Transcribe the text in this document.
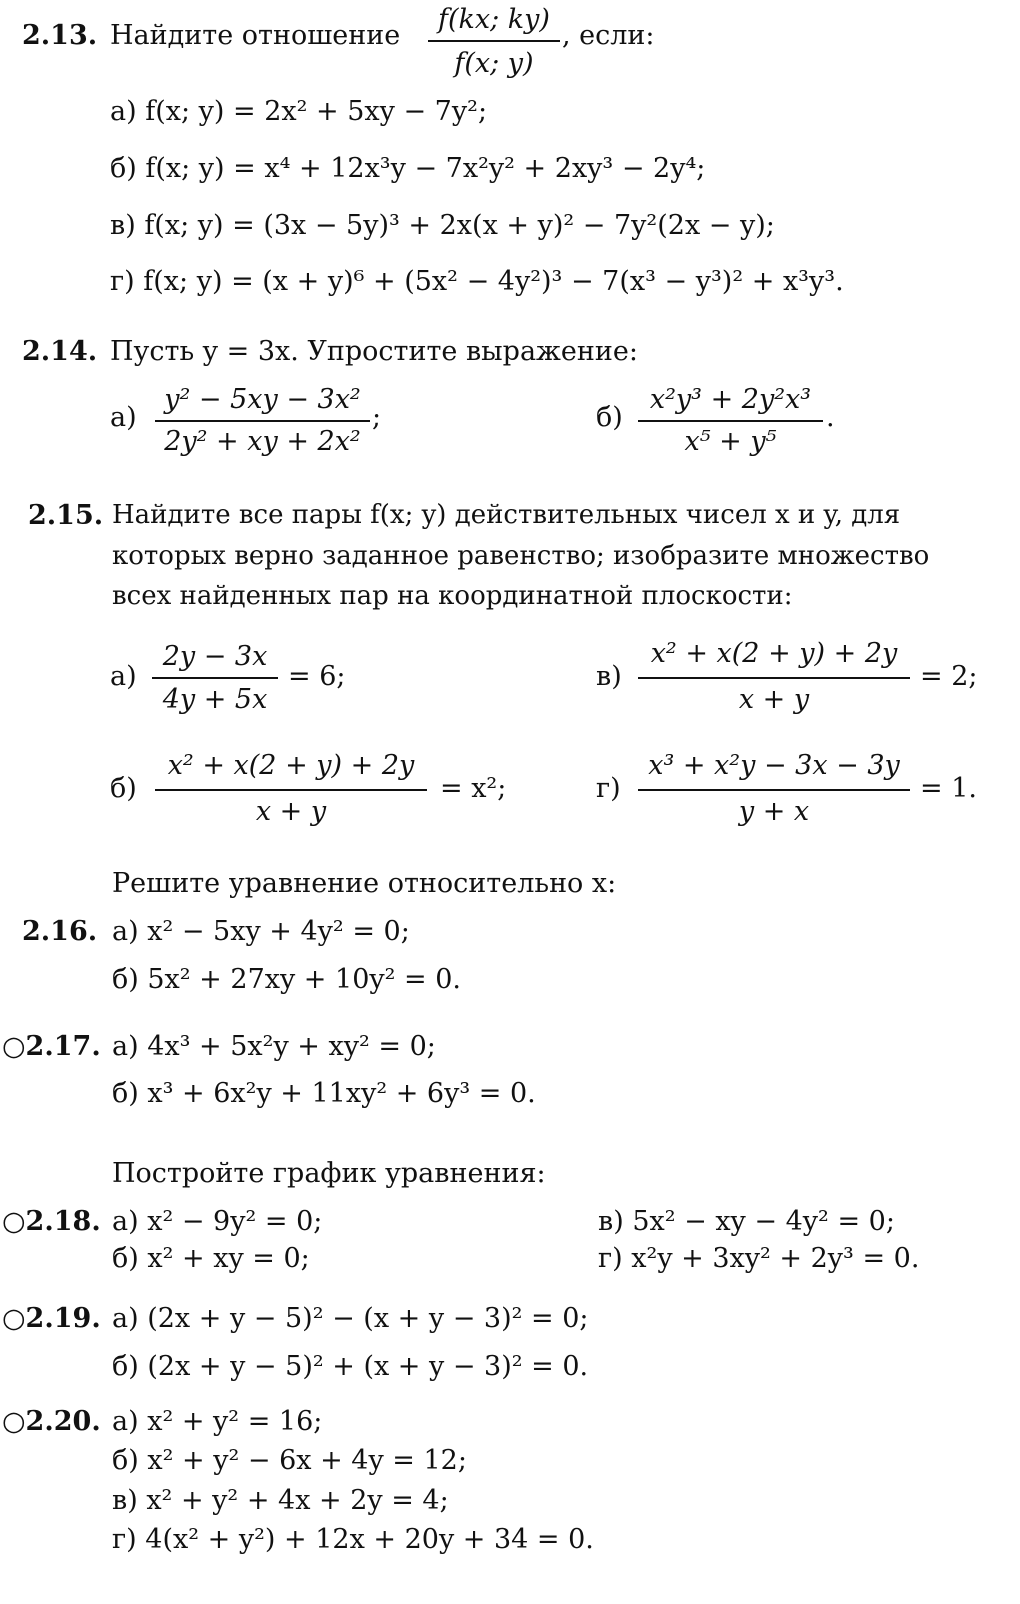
2.13. Найдите отношение
f(kx; ky)
f(x; y)
, если:
а) f(x; y) = 2x² + 5xy − 7y²;
б) f(x; y) = x⁴ + 12x³y − 7x²y² + 2xy³ − 2y⁴;
в) f(x; y) = (3x − 5y)³ + 2x(x + y)² − 7y²(2x − y);
г) f(x; y) = (x + y)⁶ + (5x² − 4y²)³ − 7(x³ − y³)² + x³y³.
2.14. Пусть y = 3x. Упростите выражение:
а)
y² − 5xy − 3x²
2y² + xy + 2x²
;	б)
x²y³ + 2y²x³
x⁵ + y⁵
.
2.15. Найдите все пары f(x; y) действительных чисел x и y, для
которых верно заданное равенство; изобразите множество
всех найденных пар на координатной плоскости:
а)
2y − 3x
4y + 5x
= 6;	в)
x² + x(2 + y) + 2y
x + y
= 2;
б)
x² + x(2 + y) + 2y
x + y
= x²;	г)
x³ + x²y − 3x − 3y
y + x
= 1.
Решите уравнение относительно x:
2.16. а) x² − 5xy + 4y² = 0;
б) 5x² + 27xy + 10y² = 0.
○2.17. а) 4x³ + 5x²y + xy² = 0;
б) x³ + 6x²y + 11xy² + 6y³ = 0.
Постройте график уравнения:
○2.18. а) x² − 9y² = 0;	в) 5x² − xy − 4y² = 0;
б) x² + xy = 0;	г) x²y + 3xy² + 2y³ = 0.
○2.19. а) (2x + y − 5)² − (x + y − 3)² = 0;
б) (2x + y − 5)² + (x + y − 3)² = 0.
○2.20. а) x² + y² = 16;
б) x² + y² − 6x + 4y = 12;
в) x² + y² + 4x + 2y = 4;
г) 4(x² + y²) + 12x + 20y + 34 = 0.
